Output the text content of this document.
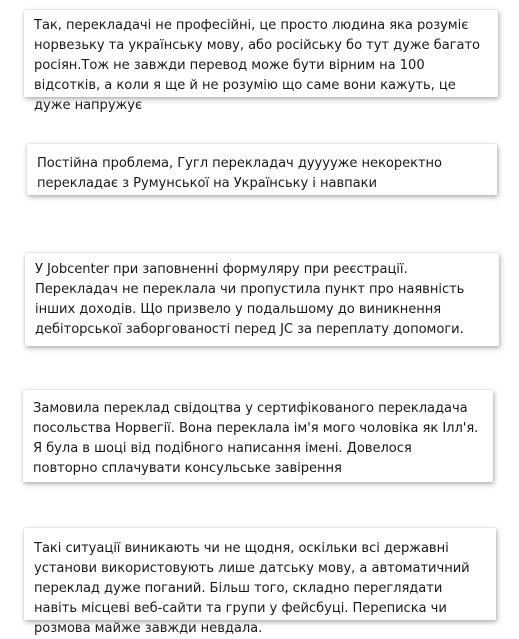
Так, перекладачі не професійні, це просто людина яка розуміє норвезьку та українську мову, або російську бо тут дуже багато росіян.Тож не завжди перевод може бути вірним на 100 відсотків, а коли я ще й не розумію що саме вони кажуть, це дуже напружує

Постійна проблема, Гугл перекладач дууууже некоректно перекладає з Румунської на Українську і навпаки

У Jobcenter при заповненні формуляру при реєстрації. Перекладач не переклала чи пропустила пункт про наявність інших доходів. Що призвело у подальшому до виникнення дебіторської заборгованості перед JC за переплату допомоги.

Замовила переклад свідоцтва у сертифікованого перекладача посольства Норвегії. Вона переклала ім'я мого чоловіка як Ілл'я. Я була в шоці від подібного написання імені. Довелося повторно сплачувати консульське завірення

Такі ситуації виникають чи не щодня, оскільки всі державні установи використовують лише датську мову, а автоматичний переклад дуже поганий. Більш того, складно переглядати навіть місцеві веб-сайти та групи у фейсбуці. Переписка чи розмова майже завжди невдала.
